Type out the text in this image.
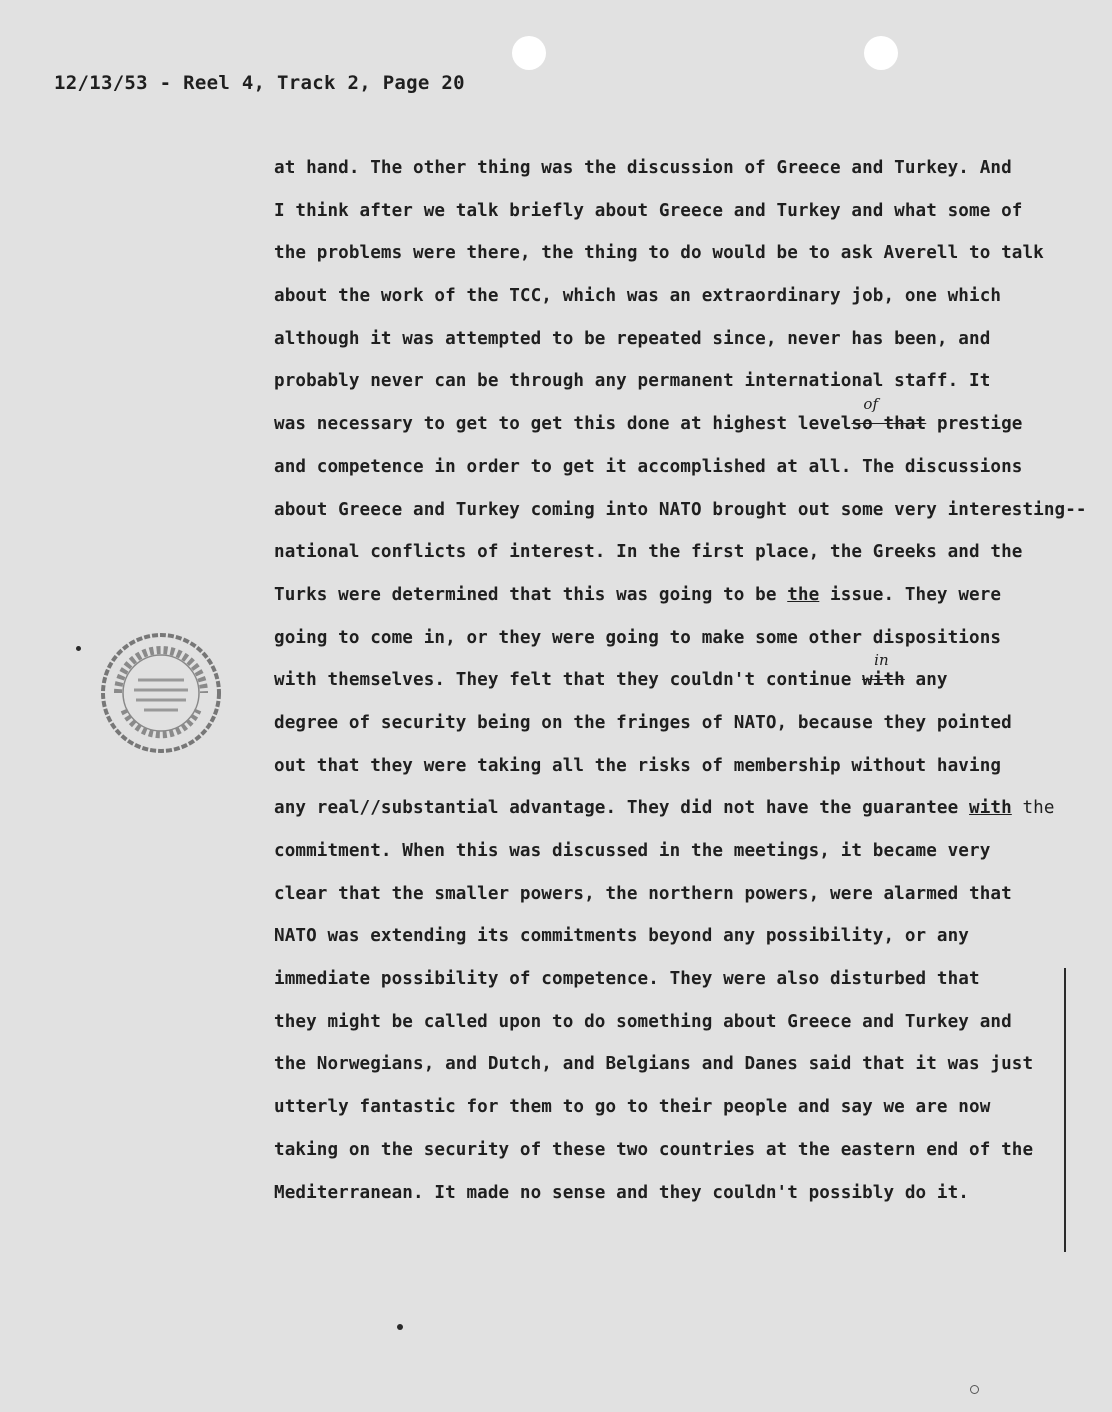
12/13/53 - Reel 4, Track 2, Page 20
at hand. The other thing was the discussion of Greece and Turkey. And
I think after we talk briefly about Greece and Turkey and what some of
the problems were there, the thing to do would be to ask Averell to talk
about the work of the TCC, which was an extraordinary job, one which
although it was attempted to be repeated since, never has been, and
probably never can be through any permanent international staff. It
was necessary to get to get this done at highest levelso that
of
prestige
and competence in order to get it accomplished at all. The discussions
about Greece and Turkey coming into NATO brought out some very interesting--
national conflicts of interest. In the first place, the Greeks and the
Turks were determined that this was going to be the issue. They were
going to come in, or they were going to make some other dispositions
with themselves. They felt that they couldn't continue with
in
any
degree of security being on the fringes of NATO, because they pointed
out that they were taking all the risks of membership without having
any real//substantial advantage. They did not have the guarantee with the
commitment. When this was discussed in the meetings, it became very
clear that the smaller powers, the northern powers, were alarmed that
NATO was extending its commitments beyond any possibility, or any
immediate possibility of competence. They were also disturbed that
they might be called upon to do something about Greece and Turkey and
the Norwegians, and Dutch, and Belgians and Danes said that it was just
utterly fantastic for them to go to their people and say we are now
taking on the security of these two countries at the eastern end of the
Mediterranean. It made no sense and they couldn't possibly do it.
